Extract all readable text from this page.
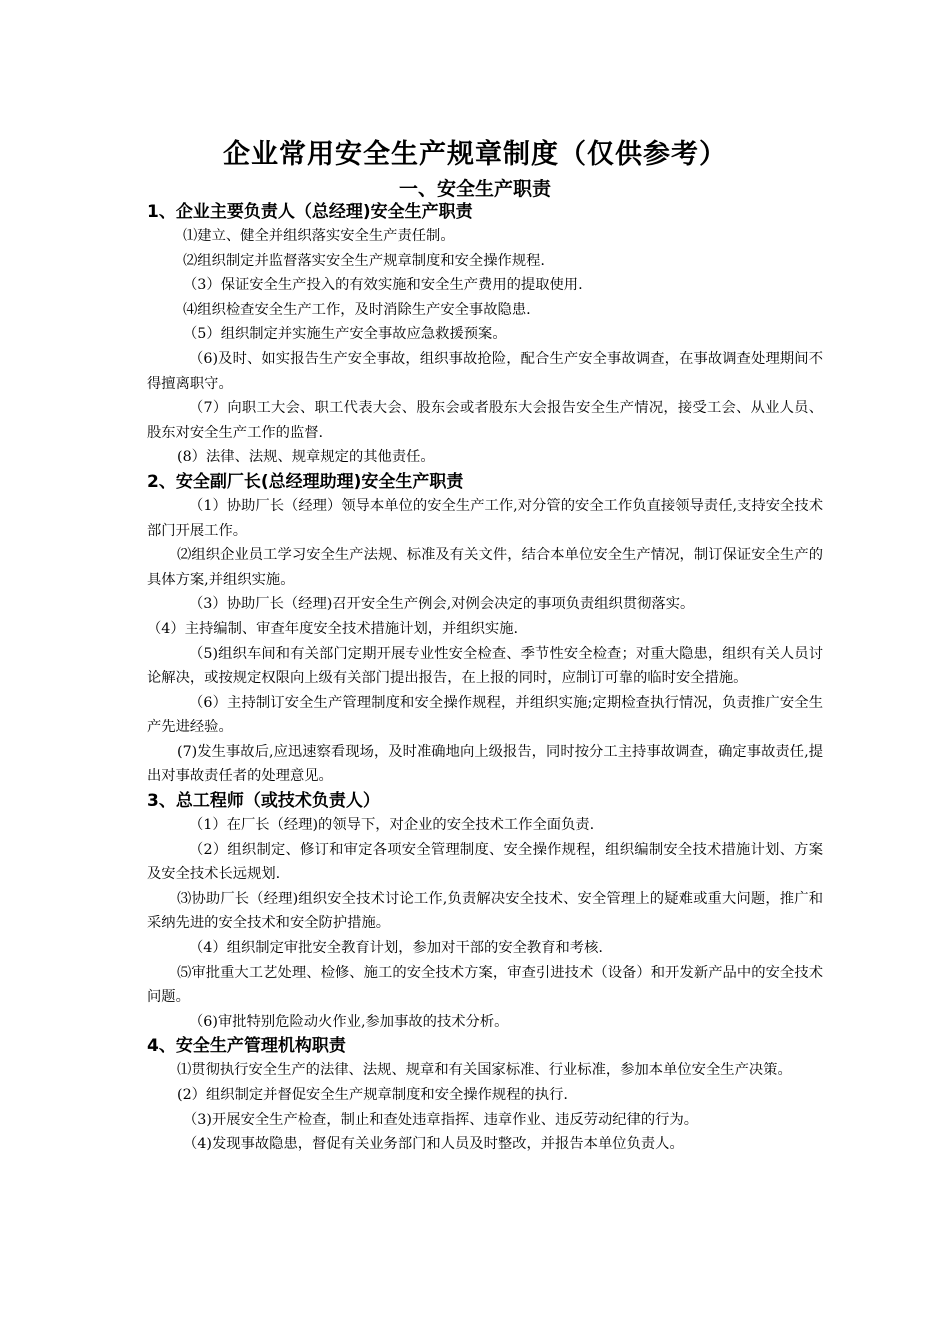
企业常用安全生产规章制度（仅供参考）
一、安全生产职责
1、企业主要负责人（总经理)安全生产职责
⑴建立、健全并组织落实安全生产责任制。
⑵组织制定并监督落实安全生产规章制度和安全操作规程.
（3）保证安全生产投入的有效实施和安全生产费用的提取使用.
⑷组织检查安全生产工作，及时消除生产安全事故隐患.
（5）组织制定并实施生产安全事故应急救援预案。
（6)及时、如实报告生产安全事故，组织事故抢险，配合生产安全事故调查，在事故调查处理期间不得擅离职守。
（7）向职工大会、职工代表大会、股东会或者股东大会报告安全生产情况，接受工会、从业人员、股东对安全生产工作的监督.
(8）法律、法规、规章规定的其他责任。
2、安全副厂长(总经理助理)安全生产职责
（1）协助厂长（经理）领导本单位的安全生产工作,对分管的安全工作负直接领导责任,支持安全技术部门开展工作。
⑵组织企业员工学习安全生产法规、标准及有关文件，结合本单位安全生产情况，制订保证安全生产的具体方案,并组织实施。
（3）协助厂长（经理)召开安全生产例会,对例会决定的事项负责组织贯彻落实。
（4）主持编制、审查年度安全技术措施计划，并组织实施.
（5)组织车间和有关部门定期开展专业性安全检查、季节性安全检查；对重大隐患，组织有关人员讨论解决，或按规定权限向上级有关部门提出报告，在上报的同时，应制订可靠的临时安全措施。
（6）主持制订安全生产管理制度和安全操作规程，并组织实施;定期检查执行情况，负责推广安全生产先进经验。
(7)发生事故后,应迅速察看现场，及时准确地向上级报告，同时按分工主持事故调查，确定事故责任,提出对事故责任者的处理意见。
3、总工程师（或技术负责人）
（1）在厂长（经理)的领导下，对企业的安全技术工作全面负责.
（2）组织制定、修订和审定各项安全管理制度、安全操作规程，组织编制安全技术措施计划、方案及安全技术长远规划.
⑶协助厂长（经理)组织安全技术讨论工作,负责解决安全技术、安全管理上的疑难或重大问题，推广和采纳先进的安全技术和安全防护措施。
（4）组织制定审批安全教育计划，参加对干部的安全教育和考核.
⑸审批重大工艺处理、检修、施工的安全技术方案，审查引进技术（设备）和开发新产品中的安全技术问题。
（6)审批特别危险动火作业,参加事故的技术分析。
4、安全生产管理机构职责
⑴贯彻执行安全生产的法律、法规、规章和有关国家标准、行业标准，参加本单位安全生产决策。
(2）组织制定并督促安全生产规章制度和安全操作规程的执行.
（3)开展安全生产检查，制止和查处违章指挥、违章作业、违反劳动纪律的行为。
（4)发现事故隐患，督促有关业务部门和人员及时整改，并报告本单位负责人。
